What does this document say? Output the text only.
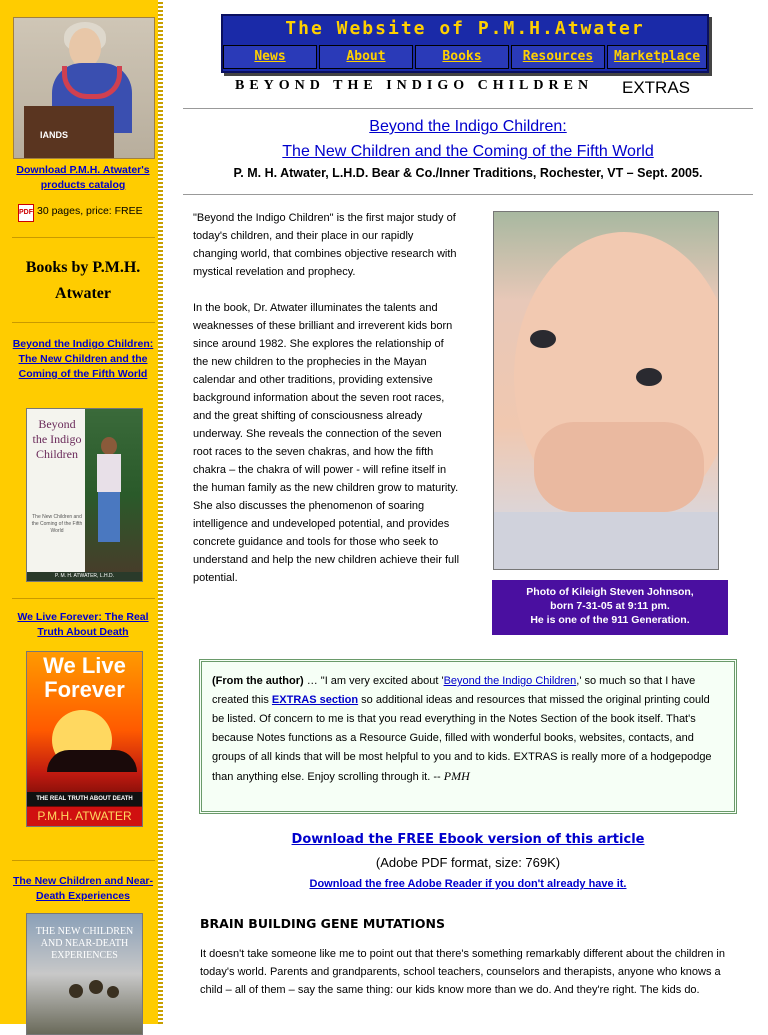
IANDS
Download P.M.H. Atwater's products catalog
PDF 30 pages, price: FREE
Books by P.M.H. Atwater
Beyond the Indigo Children: The New Children and the Coming of the Fifth World
Beyond the Indigo Children
The New Children and the Coming of the Fifth World
P. M. H. ATWATER, L.H.D.
We Live Forever: The Real Truth About Death
We Live Forever
THE REAL TRUTH ABOUT DEATH
P.M.H. ATWATER
The New Children and Near-Death Experiences
THE NEW CHILDREN AND NEAR-DEATH EXPERIENCES
The Website of P.M.H.Atwater
News	About	Books	Resources	Marketplace
BEYOND THE INDIGO CHILDREN EXTRAS
Beyond the Indigo Children:
The New Children and the Coming of the Fifth World
P. M. H. Atwater, L.H.D. Bear & Co./Inner Traditions, Rochester, VT – Sept. 2005.

"Beyond the Indigo Children" is the first major study of today's children, and their place in our rapidly changing world, that combines objective research with mystical revelation and prophecy.

In the book, Dr. Atwater illuminates the talents and weaknesses of these brilliant and irreverent kids born since around 1982. She explores the relationship of the new children to the prophecies in the Mayan calendar and other traditions, providing extensive background information about the seven root races, and the great shifting of consciousness already underway. She reveals the connection of the seven root races to the seven chakras, and how the fifth chakra – the chakra of will power - will refine itself in the human family as the new children grow to maturity. She also discusses the phenomenon of soaring intelligence and undeveloped potential, and provides concrete guidance and tools for those who seek to understand and help the new children achieve their full potential.

Photo of Kileigh Steven Johnson,
born 7-31-05 at 9:11 pm.
He is one of the 911 Generation.
(From the author) … "I am very excited about 'Beyond the Indigo Children,' so much so that I have created this EXTRAS section so additional ideas and resources that missed the original printing could be listed. Of concern to me is that you read everything in the Notes Section of the book itself. That's because Notes functions as a Resource Guide, filled with wonderful books, websites, contacts, and groups of all kinds that will be most helpful to you and to kids. EXTRAS is really more of a hodgepodge than anything else. Enjoy scrolling through it. -- PMH
Download the FREE Ebook version of this article
(Adobe PDF format, size: 769K)
Download the free Adobe Reader if you don't already have it.
BRAIN BUILDING GENE MUTATIONS
It doesn't take someone like me to point out that there's something remarkably different about the children in today's world. Parents and grandparents, school teachers, counselors and therapists, anyone who knows a child – all of them – say the same thing: our kids know more than we do. And they're right. The kids do.
